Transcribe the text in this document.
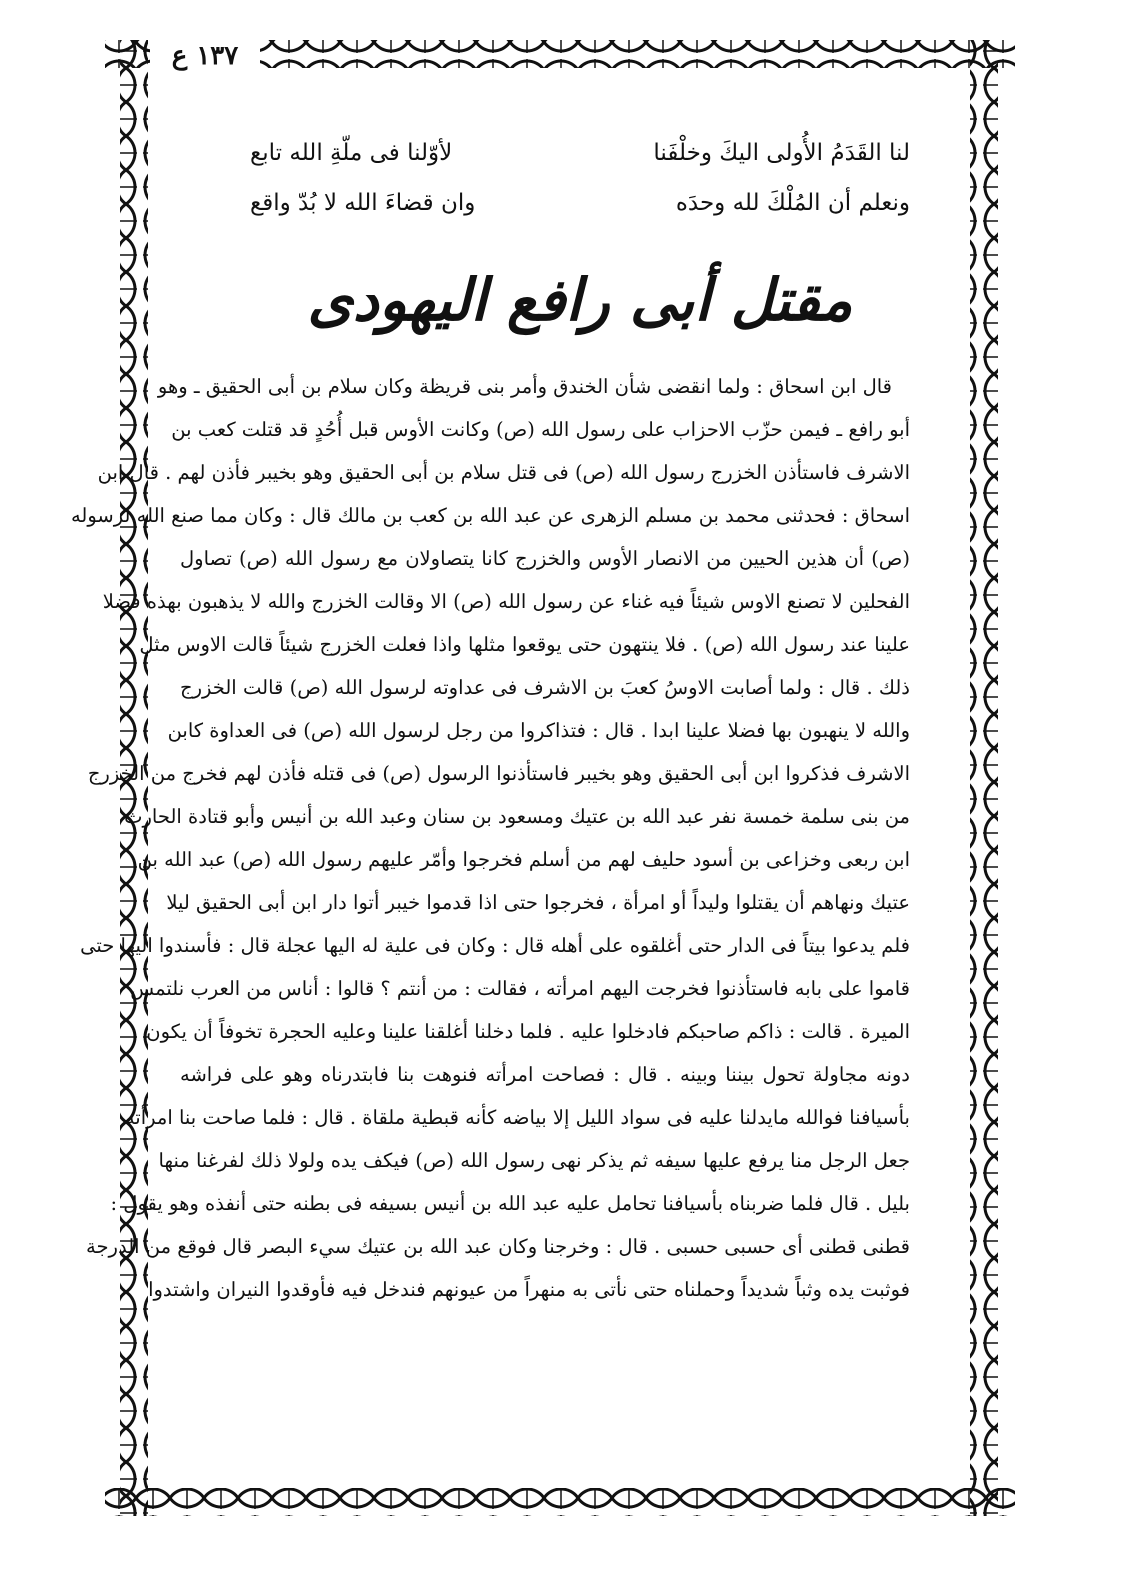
١٣٧ ع
لنا القَدَمُ الأُولى اليكَ وخلْفَنا
لأوّلنا فى ملّةِ الله تابع
ونعلم أن المُلْكَ لله وحدَه
وان قضاءَ الله لا بُدّ واقع
مقتل أبى رافع اليهودى
قال ابن اسحاق : ولما انقضى شأن الخندق وأمر بنى قريظة وكان سلام بن أبى الحقيق ـ وهو
أبو رافع ـ فيمن حزّب الاحزاب على رسول الله (ص) وكانت الأوس قبل أُحُدٍ قد قتلت كعب بن
الاشرف فاستأذن الخزرج رسول الله (ص) فى قتل سلام بن أبى الحقيق وهو بخيبر فأذن لهم . قال ابن
اسحاق : فحدثنى محمد بن مسلم الزهرى عن عبد الله بن كعب بن مالك قال : وكان مما صنع الله لرسوله
(ص) أن هذين الحيين من الانصار الأوس والخزرج كانا يتصاولان مع رسول الله (ص) تصاول
الفحلين لا تصنع الاوس شيئاً فيه غناء عن رسول الله (ص) الا وقالت الخزرج والله لا يذهبون بهذه فضلا
علينا عند رسول الله (ص) . فلا ينتهون حتى يوقعوا مثلها واذا فعلت الخزرج شيئاً قالت الاوس مثل
ذلك . قال : ولما أصابت الاوسُ كعبَ بن الاشرف فى عداوته لرسول الله (ص) قالت الخزرج
والله لا ينهبون بها فضلا علينا ابدا . قال : فتذاكروا من رجل لرسول الله (ص) فى العداوة كابن
الاشرف فذكروا ابن أبى الحقيق وهو بخيبر فاستأذنوا الرسول (ص) فى قتله فأذن لهم فخرج من الخزرج
من بنى سلمة خمسة نفر عبد الله بن عتيك ومسعود بن سنان وعبد الله بن أنيس وأبو قتادة الحارث
ابن ربعى وخزاعى بن أسود حليف لهم من أسلم فخرجوا وأمّر عليهم رسول الله (ص) عبد الله بن
عتيك ونهاهم أن يقتلوا وليداً أو امرأة ، فخرجوا حتى اذا قدموا خيبر أتوا دار ابن أبى الحقيق ليلا
فلم يدعوا بيتاً فى الدار حتى أغلقوه على أهله قال : وكان فى علية له اليها عجلة قال : فأسندوا اليها حتى
قاموا على بابه فاستأذنوا فخرجت اليهم امرأته ، فقالت : من أنتم ؟ قالوا : أناس من العرب نلتمس
الميرة . قالت : ذاكم صاحبكم فادخلوا عليه . فلما دخلنا أغلقنا علينا وعليه الحجرة تخوفاً أن يكون
دونه مجاولة تحول بيننا وبينه . قال : فصاحت امرأته فنوهت بنا فابتدرناه وهو على فراشه
بأسيافنا فوالله مايدلنا عليه فى سواد الليل إلا بياضه كأنه قبطية ملقاة . قال : فلما صاحت بنا امرأته
جعل الرجل منا يرفع عليها سيفه ثم يذكر نهى رسول الله (ص) فيكف يده ولولا ذلك لفرغنا منها
بليل . قال فلما ضربناه بأسيافنا تحامل عليه عبد الله بن أنيس بسيفه فى بطنه حتى أنفذه وهو يقول :
قطنى قطنى أى حسبى حسبى . قال : وخرجنا وكان عبد الله بن عتيك سيء البصر قال فوقع من الدرجة
فوثبت يده وثباً شديداً وحملناه حتى نأتى به منهراً من عيونهم فندخل فيه فأوقدوا النيران واشتدوا
